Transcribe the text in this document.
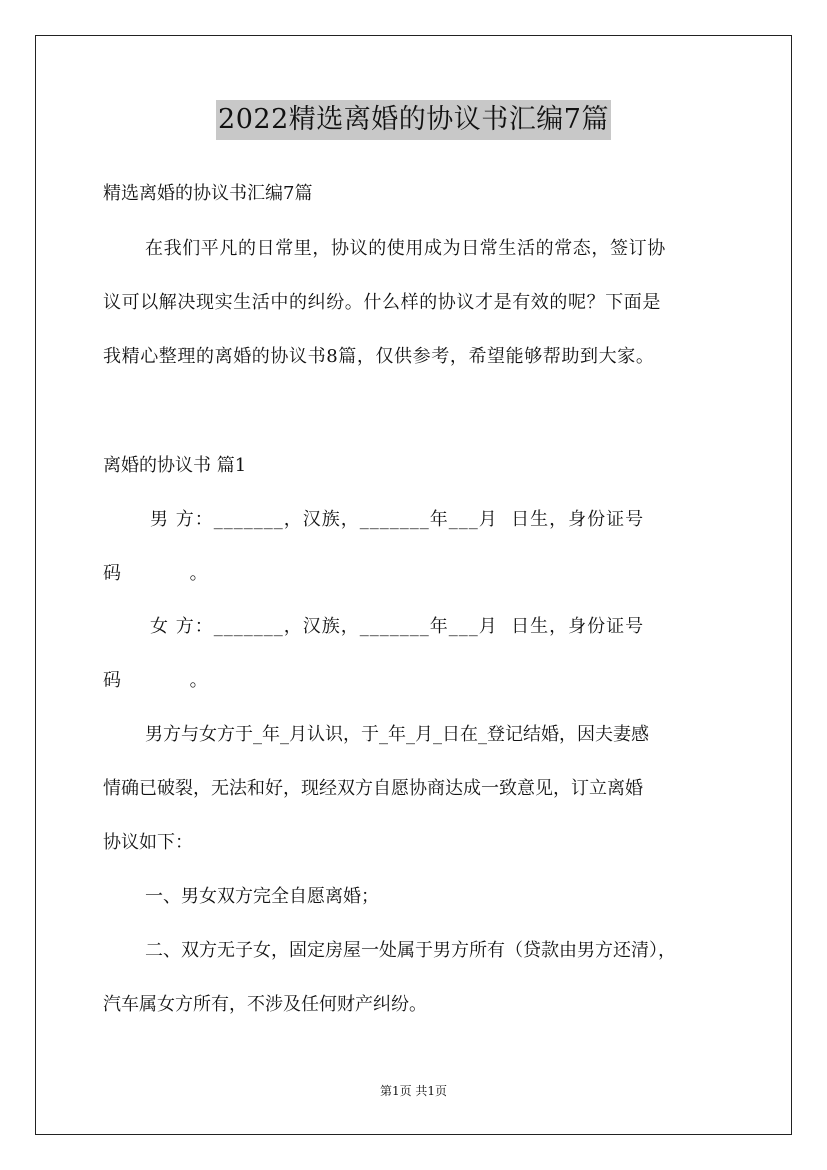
2022精选离婚的协议书汇编7篇
精选离婚的协议书汇编7篇
在我们平凡的日常里，协议的使用成为日常生活的常态，签订协
议可以解决现实生活中的纠纷。什么样的协议才是有效的呢？下面是
我精心整理的离婚的协议书8篇，仅供参考，希望能够帮助到大家。
离婚的协议书 篇1
男 方：_______，汉族，_______年___月  日生，身份证号
码            。
女 方：_______，汉族，_______年___月  日生，身份证号
码            。
男方与女方于_年_月认识，于_年_月_日在_登记结婚，因夫妻感
情确已破裂，无法和好，现经双方自愿协商达成一致意见，订立离婚
协议如下：
一、男女双方完全自愿离婚；
二、双方无子女，固定房屋一处属于男方所有（贷款由男方还清），
汽车属女方所有，不涉及任何财产纠纷。
第1页 共1页
